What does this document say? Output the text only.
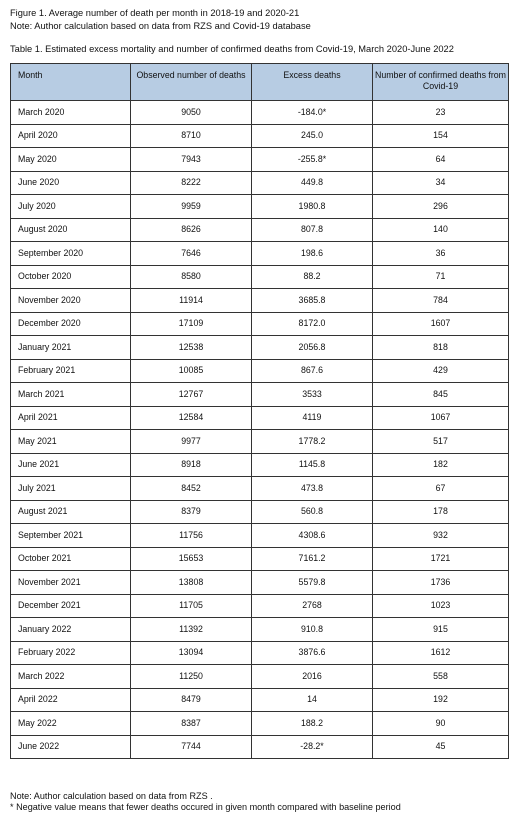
Figure 1. Average number of death per month in 2018-19 and 2020-21
Note: Author calculation based on data from RZS and Covid-19 database
Table 1. Estimated excess mortality and number of confirmed deaths from Covid-19, March 2020-June 2022
Month	Observed number of deaths	Excess deaths	Number of confirmed deaths from Covid-19
March 2020	9050	-184.0*	23
April 2020	8710	245.0	154
May 2020	7943	-255.8*	64
June 2020	8222	449.8	34
July 2020	9959	1980.8	296
August 2020	8626	807.8	140
September 2020	7646	198.6	36
October 2020	8580	88.2	71
November 2020	11914	3685.8	784
December 2020	17109	8172.0	1607
January 2021	12538	2056.8	818
February 2021	10085	867.6	429
March 2021	12767	3533	845
April 2021	12584	4119	1067
May 2021	9977	1778.2	517
June 2021	8918	1145.8	182
July 2021	8452	473.8	67
August 2021	8379	560.8	178
September 2021	11756	4308.6	932
October 2021	15653	7161.2	1721
November 2021	13808	5579.8	1736
December 2021	11705	2768	1023
January 2022	11392	910.8	915
February 2022	13094	3876.6	1612
March 2022	11250	2016	558
April 2022	8479	14	192
May 2022	8387	188.2	90
June 2022	7744	-28.2*	45
Note: Author calculation based on data from RZS .
* Negative value means that fewer deaths occured in given month compared with baseline period
